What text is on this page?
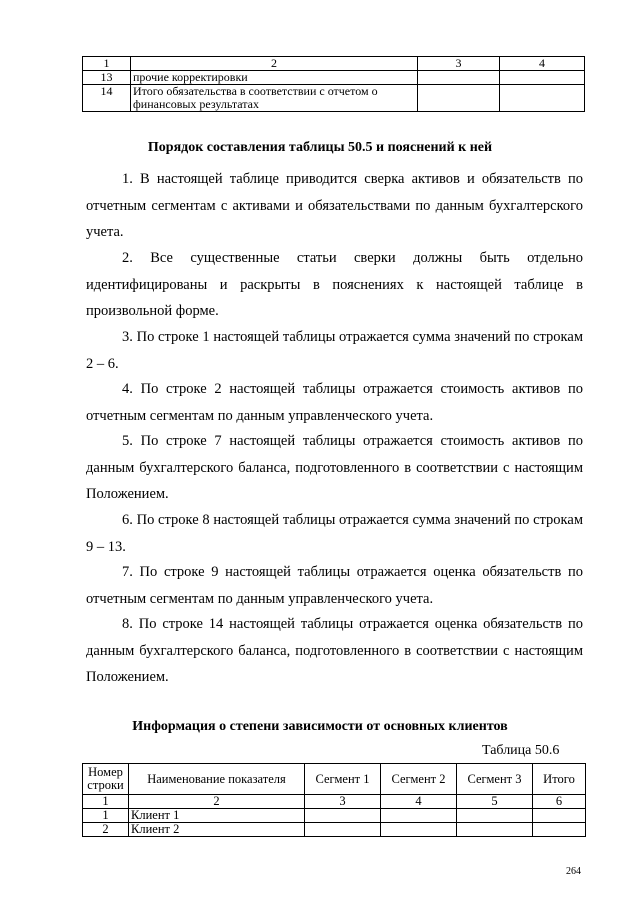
1	2	3	4
13	прочие корректировки		
14	Итого обязательства в соответствии с отчетом о финансовых результатах		
Порядок составления таблицы 50.5 и пояснений к ней

1. В настоящей таблице приводится сверка активов и обязательств по отчетным сегментам с активами и обязательствами по данным бухгалтерского учета.

2. Все существенные статьи сверки должны быть отдельно идентифицированы и раскрыты в пояснениях к настоящей таблице в произвольной форме.

3. По строке 1 настоящей таблицы отражается сумма значений по строкам 2 – 6.

4. По строке 2 настоящей таблицы отражается стоимость активов по отчетным сегментам по данным управленческого учета.

5. По строке 7 настоящей таблицы отражается стоимость активов по данным бухгалтерского баланса, подготовленного в соответствии с настоящим Положением.

6. По строке 8 настоящей таблицы отражается сумма значений по строкам 9 – 13.

7. По строке 9 настоящей таблицы отражается оценка обязательств по отчетным сегментам по данным управленческого учета.

8. По строке 14 настоящей таблицы отражается оценка обязательств по данным бухгалтерского баланса, подготовленного в соответствии с настоящим Положением.

Информация о степени зависимости от основных клиентов
Таблица 50.6
Номер строки	Наименование показателя	Сегмент 1	Сегмент 2	Сегмент 3	Итого
1	2	3	4	5	6
1	Клиент 1				
2	Клиент 2				
264
